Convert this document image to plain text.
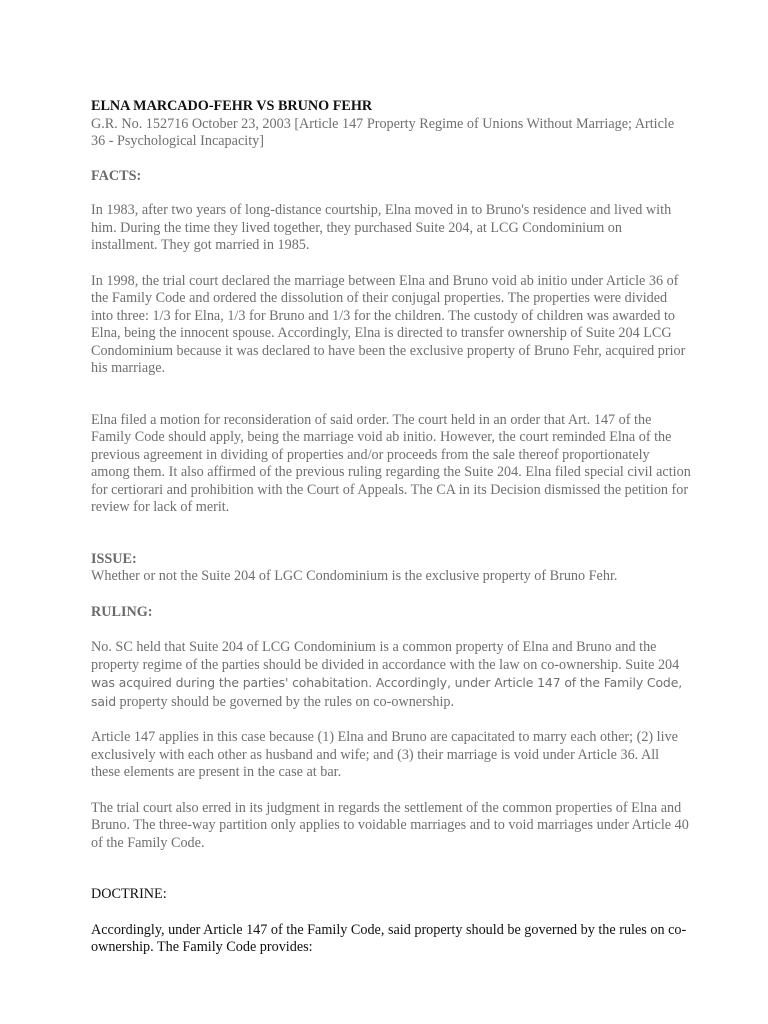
ELNA MARCADO-FEHR VS BRUNO FEHR

G.R. No. 152716 October 23, 2003 [Article 147 Property Regime of Unions Without Marriage; Article 36 - Psychological Incapacity]

FACTS:

In 1983, after two years of long-distance courtship, Elna moved in to Bruno's residence and lived with him. During the time they lived together, they purchased Suite 204, at LCG Condominium on installment. They got married in 1985.

In 1998, the trial court declared the marriage between Elna and Bruno void ab initio under Article 36 of the Family Code and ordered the dissolution of their conjugal properties. The properties were divided into three: 1/3 for Elna, 1/3 for Bruno and 1/3 for the children. The custody of children was awarded to Elna, being the innocent spouse. Accordingly, Elna is directed to transfer ownership of Suite 204 LCG Condominium because it was declared to have been the exclusive property of Bruno Fehr, acquired prior his marriage.

Elna filed a motion for reconsideration of said order. The court held in an order that Art. 147 of the Family Code should apply, being the marriage void ab initio. However, the court reminded Elna of the previous agreement in dividing of properties and/or proceeds from the sale thereof proportionately among them. It also affirmed of the previous ruling regarding the Suite 204. Elna filed special civil action for certiorari and prohibition with the Court of Appeals. The CA in its Decision dismissed the petition for review for lack of merit.

ISSUE:

Whether or not the Suite 204 of LGC Condominium is the exclusive property of Bruno Fehr.

RULING:

No. SC held that Suite 204 of LCG Condominium is a common property of Elna and Bruno and the property regime of the parties should be divided in accordance with the law on co-ownership. Suite 204 was acquired during the parties' cohabitation. Accordingly, under Article 147 of the Family Code, said property should be governed by the rules on co-ownership.

Article 147 applies in this case because (1) Elna and Bruno are capacitated to marry each other; (2) live exclusively with each other as husband and wife; and (3) their marriage is void under Article 36. All these elements are present in the case at bar.

The trial court also erred in its judgment in regards the settlement of the common properties of Elna and Bruno. The three-way partition only applies to voidable marriages and to void marriages under Article 40 of the Family Code.

DOCTRINE:

Accordingly, under Article 147 of the Family Code, said property should be governed by the rules on co-ownership. The Family Code provides:
